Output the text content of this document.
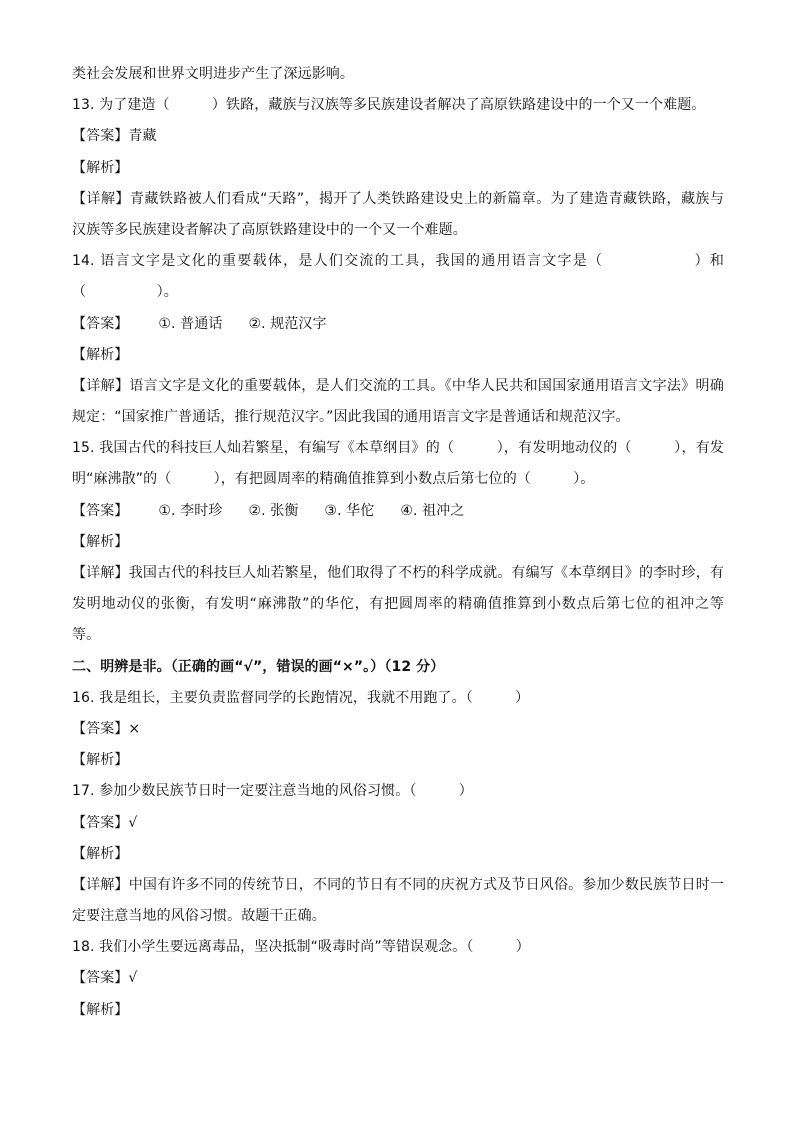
类社会发展和世界文明进步产生了深远影响。
13. 为了建造（　　　）铁路，藏族与汉族等多民族建设者解决了高原铁路建设中的一个又一个难题。
【答案】青藏
【解析】
【详解】青藏铁路被人们看成“天路”，揭开了人类铁路建设史上的新篇章。为了建造青藏铁路，藏族与
汉族等多民族建设者解决了高原铁路建设中的一个又一个难题。
14. 语言文字是文化的重要载体，是人们交流的工具，我国的通用语言文字是（　　　　　　）和
（　　　　　）。
【答案】 ①. 普通话 ②. 规范汉字
【解析】
【详解】语言文字是文化的重要载体，是人们交流的工具。《中华人民共和国国家通用语言文字法》明确
规定：“国家推广普通话，推行规范汉字。”因此我国的通用语言文字是普通话和规范汉字。
15. 我国古代的科技巨人灿若繁星，有编写《本草纲目》的（　　　），有发明地动仪的（　　　），有发
明“麻沸散”的（　　　），有把圆周率的精确值推算到小数点后第七位的（　　　）。
【答案】 ①. 李时珍 ②. 张衡 ③. 华佗 ④. 祖冲之
【解析】
【详解】我国古代的科技巨人灿若繁星，他们取得了不朽的科学成就。有编写《本草纲目》的李时珍，有
发明地动仪的张衡，有发明“麻沸散”的华佗，有把圆周率的精确值推算到小数点后第七位的祖冲之等
等。
二、明辨是非。（正确的画“√”，错误的画“×”。）（12 分）
16. 我是组长，主要负责监督同学的长跑情况，我就不用跑了。（　　　）
【答案】×
【解析】
17. 参加少数民族节日时一定要注意当地的风俗习惯。（　　　）
【答案】√
【解析】
【详解】中国有许多不同的传统节日，不同的节日有不同的庆祝方式及节日风俗。参加少数民族节日时一
定要注意当地的风俗习惯。故题干正确。
18. 我们小学生要远离毒品，坚决抵制“吸毒时尚”等错误观念。（　　　）
【答案】√
【解析】
